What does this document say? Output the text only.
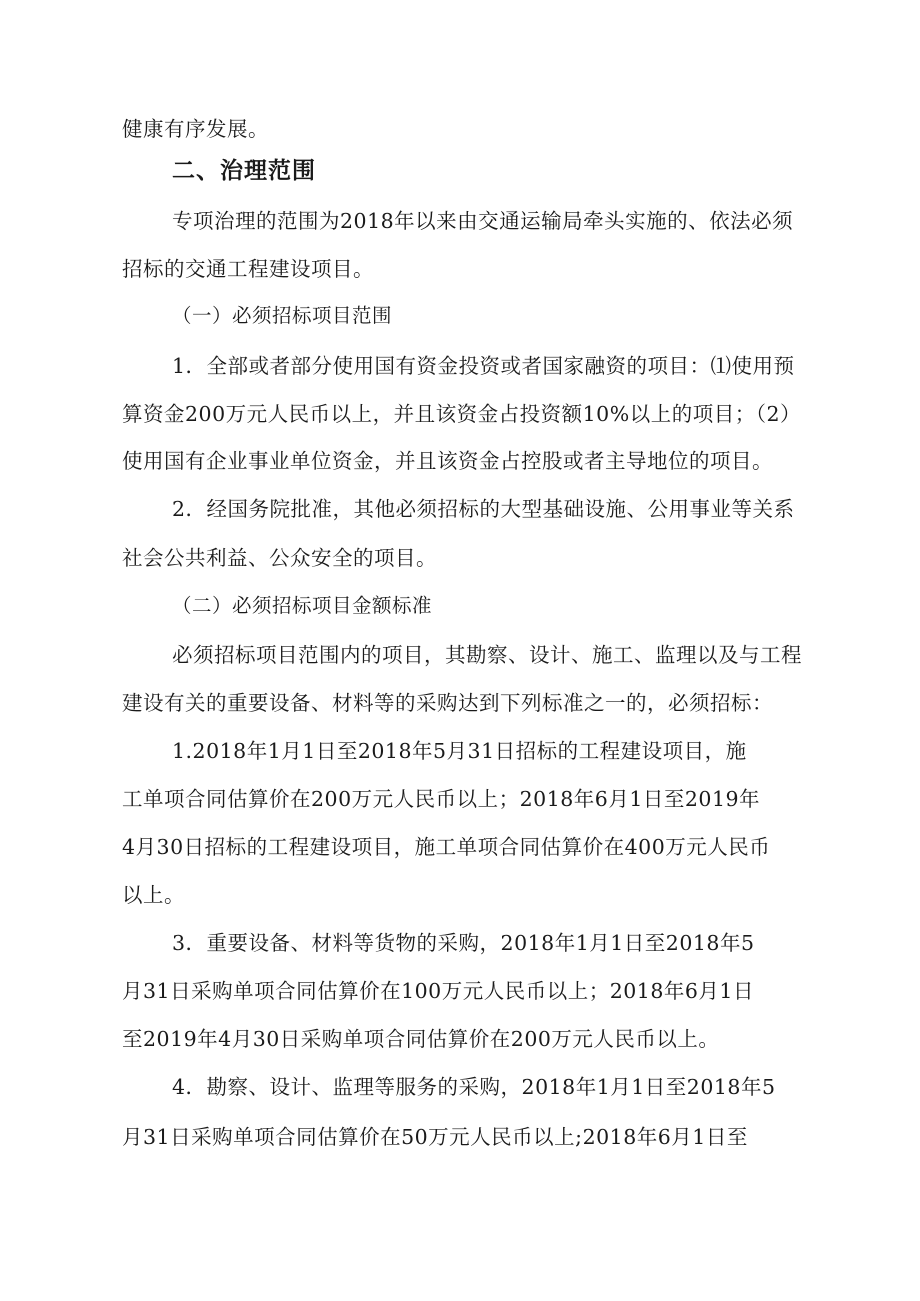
健康有序发展。
二、治理范围
专项治理的范围为2018年以来由交通运输局牵头实施的、依法必须
招标的交通工程建设项目。
（一）必须招标项目范围
1．全部或者部分使用国有资金投资或者国家融资的项目：⑴使用预
算资金200万元人民币以上，并且该资金占投资额10%以上的项目；（2）
使用国有企业事业单位资金，并且该资金占控股或者主导地位的项目。
2．经国务院批准，其他必须招标的大型基础设施、公用事业等关系
社会公共利益、公众安全的项目。
（二）必须招标项目金额标准
必须招标项目范围内的项目，其勘察、设计、施工、监理以及与工程
建设有关的重要设备、材料等的采购达到下列标准之一的，必须招标：
1.2018年1月1日至2018年5月31日招标的工程建设项目，施
工单项合同估算价在200万元人民币以上；2018年6月1日至2019年
4月30日招标的工程建设项目，施工单项合同估算价在400万元人民币
以上。
3．重要设备、材料等货物的采购，2018年1月1日至2018年5
月31日采购单项合同估算价在100万元人民币以上；2018年6月1日
至2019年4月30日采购单项合同估算价在200万元人民币以上。
4．勘察、设计、监理等服务的采购，2018年1月1日至2018年5
月31日采购单项合同估算价在50万元人民币以上;2018年6月1日至
